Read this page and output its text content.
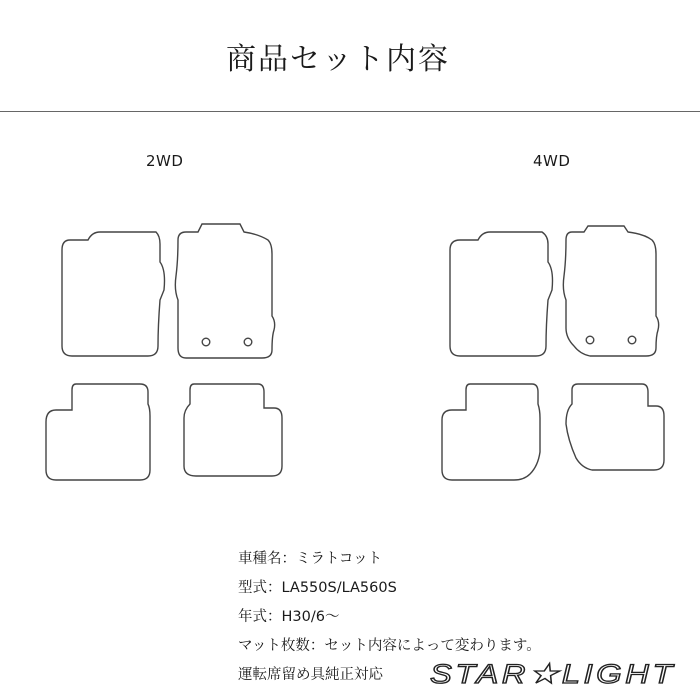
商品セット内容
2WD	4WD
車種名：ミラトコット
型式：LA550S/LA560S
年式：H30/6～
マット枚数：セット内容によって変わります。
運転席留め具純正対応	STAR★LIGHT
